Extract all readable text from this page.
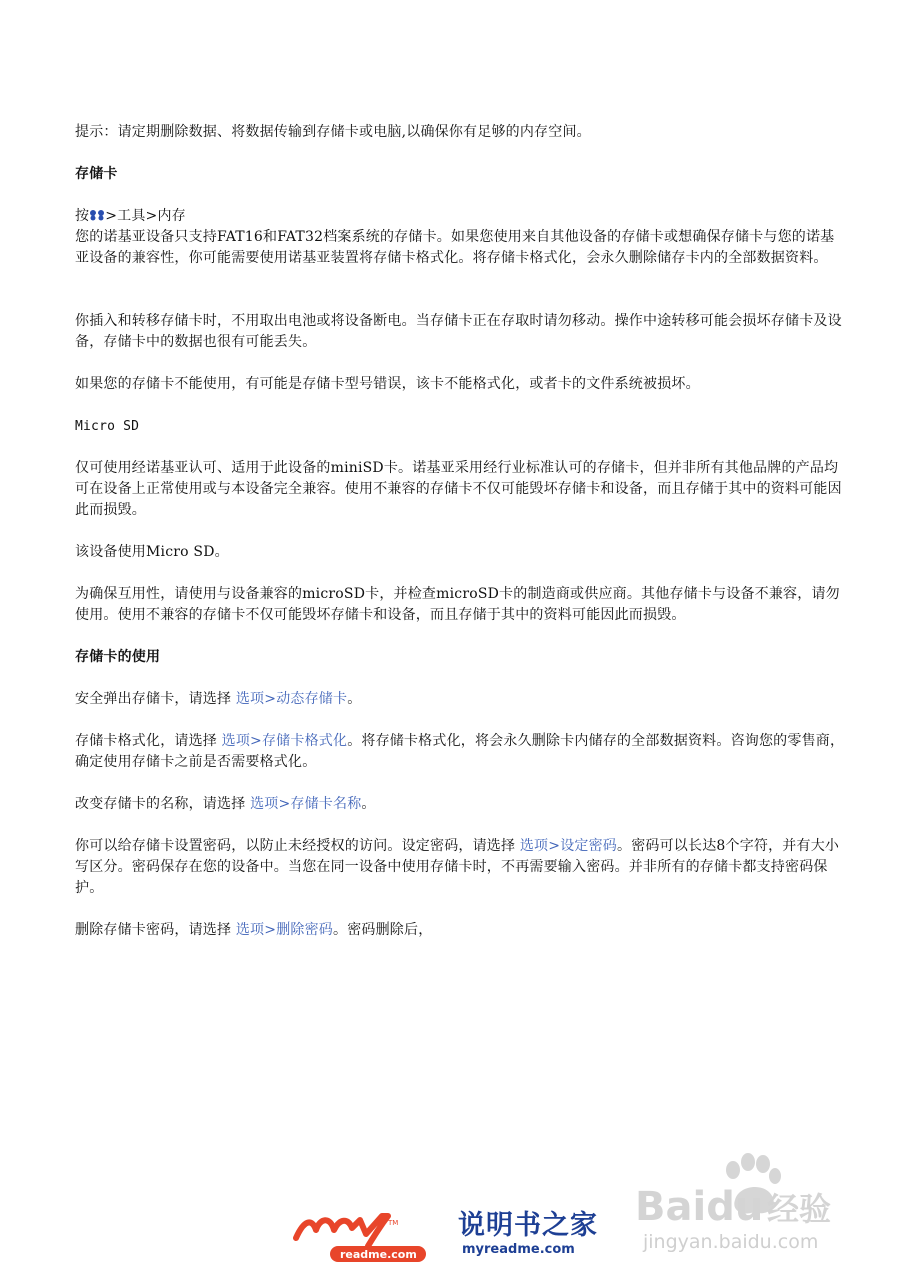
提示：请定期删除数据、将数据传输到存储卡或电脑,以确保你有足够的内存空间。

存储卡

按 >工具>内存

您的诺基亚设备只支持FAT16和FAT32档案系统的存储卡。如果您使用来自其他设备的存储卡或想确保存储卡与您的诺基亚设备的兼容性，你可能需要使用诺基亚装置将存储卡格式化。将存储卡格式化，会永久删除储存卡内的全部数据资料。

你插入和转移存储卡时，不用取出电池或将设备断电。当存储卡正在存取时请勿移动。操作中途转移可能会损坏存储卡及设备，存储卡中的数据也很有可能丢失。

如果您的存储卡不能使用，有可能是存储卡型号错误，该卡不能格式化，或者卡的文件系统被损坏。

Micro SD

仅可使用经诺基亚认可、适用于此设备的miniSD卡。诺基亚采用经行业标准认可的存储卡，但并非所有其他品牌的产品均可在设备上正常使用或与本设备完全兼容。使用不兼容的存储卡不仅可能毁坏存储卡和设备，而且存储于其中的资料可能因此而损毁。

该设备使用Micro SD。

为确保互用性，请使用与设备兼容的microSD卡，并检查microSD卡的制造商或供应商。其他存储卡与设备不兼容，请勿使用。使用不兼容的存储卡不仅可能毁坏存储卡和设备，而且存储于其中的资料可能因此而损毁。

存储卡的使用

安全弹出存储卡，请选择 选项>动态存储卡。

存储卡格式化，请选择 选项>存储卡格式化。将存储卡格式化，将会永久删除卡内储存的全部数据资料。咨询您的零售商，确定使用存储卡之前是否需要格式化。

改变存储卡的名称，请选择 选项>存储卡名称。

你可以给存储卡设置密码，以防止未经授权的访问。设定密码，请选择 选项>设定密码。密码可以长达8个字符，并有大小写区分。密码保存在您的设备中。当您在同一设备中使用存储卡时，不再需要输入密码。并非所有的存储卡都支持密码保护。

删除存储卡密码，请选择 选项>删除密码。密码删除后，

Baidu 经验
jingyan.baidu.com
TM
readme.com
说明书之家
myreadme.com
